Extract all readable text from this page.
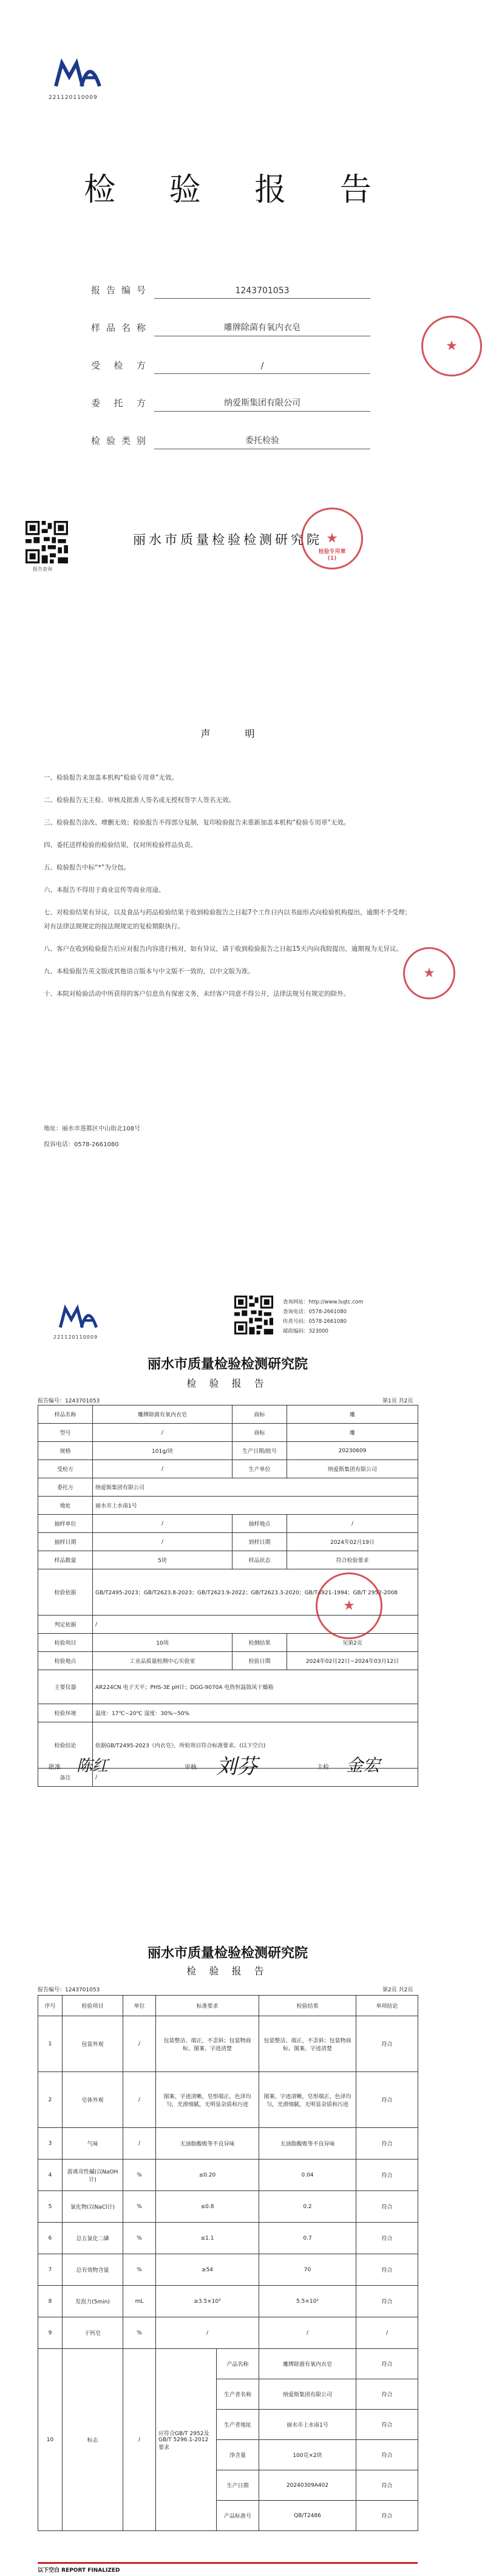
221120110009
检 验 报 告
报告编号	1243701053
样品名称	雕牌除菌有氧内衣皂
受检方	/
委托方	纳爱斯集团有限公司
检验类别	委托检验
报告查询
丽水市质量检验检测研究院
★
★
检验专用章
(1)
声 明
一、检验报告未加盖本机构“检验专用章”无效。
二、检验报告无主检、审核及批准人签名或无授权签字人签名无效。
三、检验报告涂改、增删无效；检验报告不得部分复制，复印检验报告未重新加盖本机构“检验专用章”无效。
四、委托送样检验的检验结果，仅对所检验样品负责。
五、检验报告中标“*”为分包。
六、本报告不得用于商业宣传等商业用途。
七、对检验结果有异议，以及食品与药品检验结果于收到检验报告之日起7个工作日内以书面形式向检验机构提出，逾期不予受理；对有法律法规规定的按法规规定的复检期限执行。
八、客户在收到检验报告后应对报告内容进行核对，如有异议，请于收到检验报告之日起15天内向我院提出，逾期视为无异议。
九、本检验报告英文版或其他语言版本与中文版不一致的，以中文版为准。
十、本院对检验活动中所获得的客户信息负有保密义务，未经客户同意不得公开，法律法规另有规定的除外。
★
地址：丽水市莲都区中山街北108号
投诉电话：0578-2661080
221120110009
查询网址：http://www.lsqtc.com
查询电话：0578-2661080
传真号码：0578-2661080
邮政编码：323000
丽水市质量检验检测研究院
检 验 报 告
报告编号：1243701053	第1页 共2页
样品名称	雕牌除菌有氧内衣皂	商标	雕
型号	/	商标	雕
规格	101g/块	生产日期/批号	20230609
受检方	/	生产单位	纳爱斯集团有限公司
委托方	纳爱斯集团有限公司		
地址	丽水市上水南1号		
抽样单位	/	抽样地点	/
抽样日期	/	到样日期	2024年02月19日
样品数量	5块	样品状态	符合检验要求
检验依据	GB/T2495-2023；GB/T2623.8-2023；GB/T2623.9-2022；GB/T2623.3-2020；GB/T4921-1994；GB/T 2952-2008		
判定依据	/		
检验项目	10项	检测结果	见第2页
检验地点	工业品质量检测中心实验室	检验日期	2024年02月22日~2024年03月12日
主要仪器	AR224CN 电子天平；PHS-3E pH计；DGG-9070A 电热恒温鼓风干燥箱		
检验环境	温度：17℃~20℃ 湿度：30%~50%		
检验结论	依据GB/T2495-2023《内衣皂》，所检项目符合标准要求。(以下空白)		
备注	/		
批准 陈红	审核 刘芬	主检 金宏
★
丽水市质量检验检测研究院
检 验 报 告
报告编号：1243701053	第2页 共2页
序号	检验项目	单位	标准要求		检验结果	单项结论
1	包装外观	/	包装整洁、端正，不歪斜；包装物商标、图案、字迹清楚		包装整洁、端正，不歪斜；包装物商标、图案、字迹清楚	符合
2	皂体外观	/	图案、字迹清晰，皂形端正，色泽均匀，光滑细腻，无明显杂质和污迹		图案、字迹清晰，皂形端正，色泽均匀，光滑细腻，无明显杂质和污迹	符合
3	气味	/	无油脂酸败等不良异味		无油脂酸败等不良异味	符合
4	游离苛性碱(以NaOH计)	%	≤0.20		0.04	符合
5	氯化物(以NaCl计)	%	≤0.8		0.2	符合
6	总五氯化二磷	%	≤1.1		0.7	符合
7	总有效物含量	%	≥54		70	符合
8	发泡力(5min)	mL	≥3.5×10²		5.5×10²	符合
9	干钙皂	%	/		/	/
10	标志	/	应符合GB/T 2952及GB/T 5296.1-2012要求	产品名称	雕牌除菌有氧内衣皂	符合
				生产者名称	纳爱斯集团有限公司	符合
				生产者地址	丽水市上水南1号	符合
				净含量	100克×2块	符合
				生产日期	20240309A402	符合
				产品标准号	QB/T2486	符合
以下空白 REPORT FINALIZED
